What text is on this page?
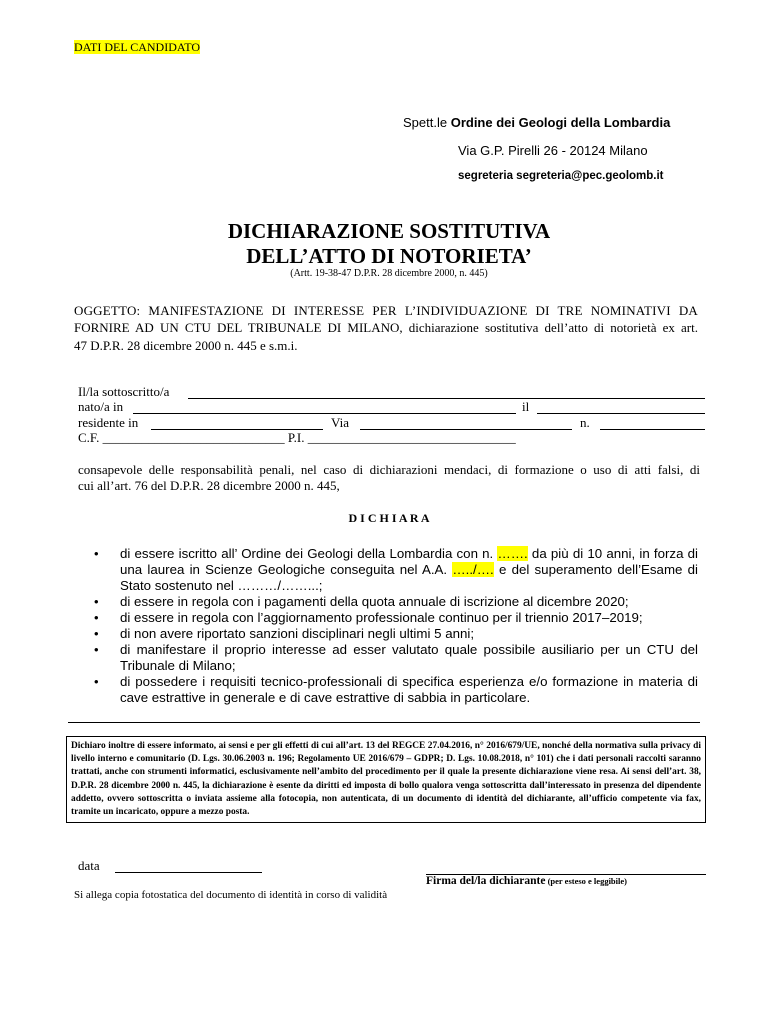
DATI DEL CANDIDATO
Spett.le Ordine dei Geologi della Lombardia
Via G.P. Pirelli 26 - 20124 Milano
segreteria segreteria@pec.geolomb.it
DICHIARAZIONE SOSTITUTIVA
DELL’ATTO DI NOTORIETA’
(Artt. 19-38-47 D.P.R. 28 dicembre 2000, n. 445)
OGGETTO: MANIFESTAZIONE DI INTERESSE PER L’INDIVIDUAZIONE DI TRE NOMINATIVI DA
FORNIRE AD UN CTU DEL TRIBUNALE DI MILANO, dichiarazione sostitutiva dell’atto di notorietà ex art.
47 D.P.R. 28 dicembre 2000 n. 445 e s.m.i.
Il/la sottoscritto/a
nato/a in	il
residente in	Via	n.
C.F. ____________________________ P.I. ________________________________
consapevole delle responsabilità penali, nel caso di dichiarazioni mendaci, di formazione o uso di atti falsi, di
cui all’art. 76 del D.P.R. 28 dicembre 2000 n. 445,
D I C H I A R A
• di essere iscritto all’ Ordine dei Geologi della Lombardia con n. ……. da più di 10 anni, in forza di una laurea in Scienze Geologiche conseguita nel A.A. …../…. e del superamento dell’Esame di Stato sostenuto nel ………/……...;
• di essere in regola con i pagamenti della quota annuale di iscrizione al dicembre 2020;
• di essere in regola con l’aggiornamento professionale continuo per il triennio 2017–2019;
• di non avere riportato sanzioni disciplinari negli ultimi 5 anni;
• di manifestare il proprio interesse ad esser valutato quale possibile ausiliario per un CTU del Tribunale di Milano;
• di possedere i requisiti tecnico-professionali di specifica esperienza e/o formazione in materia di cave estrattive in generale e di cave estrattive di sabbia in particolare.
Dichiaro inoltre di essere informato, ai sensi e per gli effetti di cui all’art. 13 del REGCE 27.04.2016, n° 2016/679/UE, nonché della normativa sulla privacy di livello interno e comunitario (D. Lgs. 30.06.2003 n. 196; Regolamento UE 2016/679 – GDPR; D. Lgs. 10.08.2018, n° 101) che i dati personali raccolti saranno trattati, anche con strumenti informatici, esclusivamente nell’ambito del procedimento per il quale la presente dichiarazione viene resa. Ai sensi dell’art. 38, D.P.R. 28 dicembre 2000 n. 445, la dichiarazione è esente da diritti ed imposta di bollo qualora venga sottoscritta dall’interessato in presenza del dipendente addetto, ovvero sottoscritta o inviata assieme alla fotocopia, non autenticata, di un documento di identità del dichiarante, all’ufficio competente via fax, tramite un incaricato, oppure a mezzo posta.
data
Firma del/la dichiarante (per esteso e leggibile)
Si allega copia fotostatica del documento di identità in corso di validità
